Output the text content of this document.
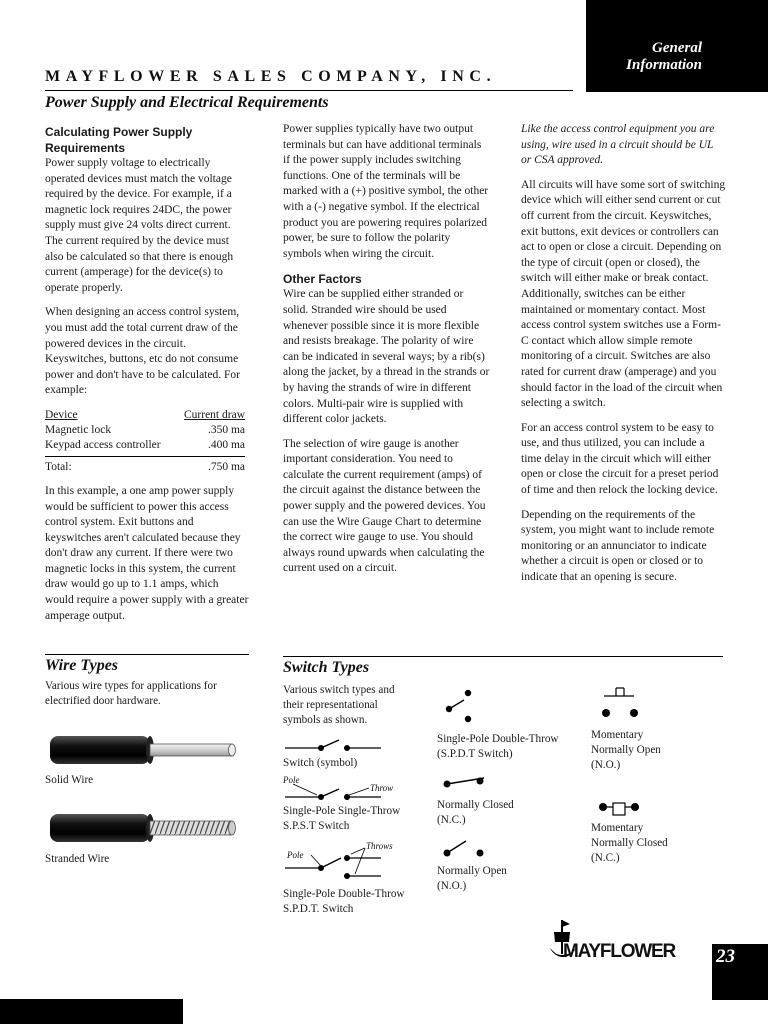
General
Information
MAYFLOWER SALES COMPANY, INC.
Power Supply and Electrical Requirements
Calculating Power Supply
Requirements

Power supply voltage to electrically operated devices must match the voltage required by the device. For example, if a magnetic lock requires 24DC, the power supply must give 24 volts direct current. The current required by the device must also be calculated so that there is enough current (amperage) for the device(s) to operate properly.

When designing an access control system, you must add the total current draw of the powered devices in the circuit. Keyswitches, buttons, etc do not consume power and don't have to be calculated. For example:

Device	Current draw
Magnetic lock	.350 ma
Keypad access controller	.400 ma

Total:	.750 ma

In this example, a one amp power supply would be sufficient to power this access control system. Exit buttons and keyswitches aren't calculated because they don't draw any current. If there were two magnetic locks in this system, the current draw would go up to 1.1 amps, which would require a power supply with a greater amperage output.

Power supplies typically have two output terminals but can have additional terminals if the power supply includes switching functions. One of the terminals will be marked with a (+) positive symbol, the other with a (-) negative symbol. If the electrical product you are powering requires polarized power, be sure to follow the polarity symbols when wiring the circuit.

Other Factors

Wire can be supplied either stranded or solid. Stranded wire should be used whenever possible since it is more flexible and resists breakage. The polarity of wire can be indicated in several ways; by a rib(s) along the jacket, by a thread in the strands or by having the strands of wire in different colors. Multi-pair wire is supplied with different color jackets.

The selection of wire gauge is another important consideration. You need to calculate the current requirement (amps) of the circuit against the distance between the power supply and the powered devices. You can use the Wire Gauge Chart to determine the correct wire gauge to use. You should always round upwards when calculating the current used on a circuit.

Like the access control equipment you are using, wire used in a circuit should be UL or CSA approved.

All circuits will have some sort of switching device which will either send current or cut off current from the circuit. Keyswitches, exit buttons, exit devices or controllers can act to open or close a circuit. Depending on the type of circuit (open or closed), the switch will either make or break contact. Additionally, switches can be either maintained or momentary contact. Most access control system switches use a Form-C contact which allow simple remote monitoring of a circuit. Switches are also rated for current draw (amperage) and you should factor in the load of the circuit when selecting a switch.

For an access control system to be easy to use, and thus utilized, you can include a time delay in the circuit which will either open or close the circuit for a preset period of time and then relock the locking device.

Depending on the requirements of the system, you might want to include remote monitoring or an annunciator to indicate whether a circuit is open or closed or to indicate that an opening is secure.

Wire Types
Various wire types for applications for
electrified door hardware.
Solid Wire
Stranded Wire
Switch Types
Various switch types and
their representational
symbols as shown.
Switch (symbol)
Pole
Throw
Single-Pole Single-Throw
S.P.S.T Switch
Pole
Throws
Single-Pole Double-Throw
S.P.D.T. Switch
Single-Pole Double-Throw
(S.P.D.T Switch)
Normally Closed
(N.C.)
Normally Open
(N.O.)
Momentary
Normally Open
(N.O.)
Momentary
Normally Closed
(N.C.)
MAYFLOWER 23
